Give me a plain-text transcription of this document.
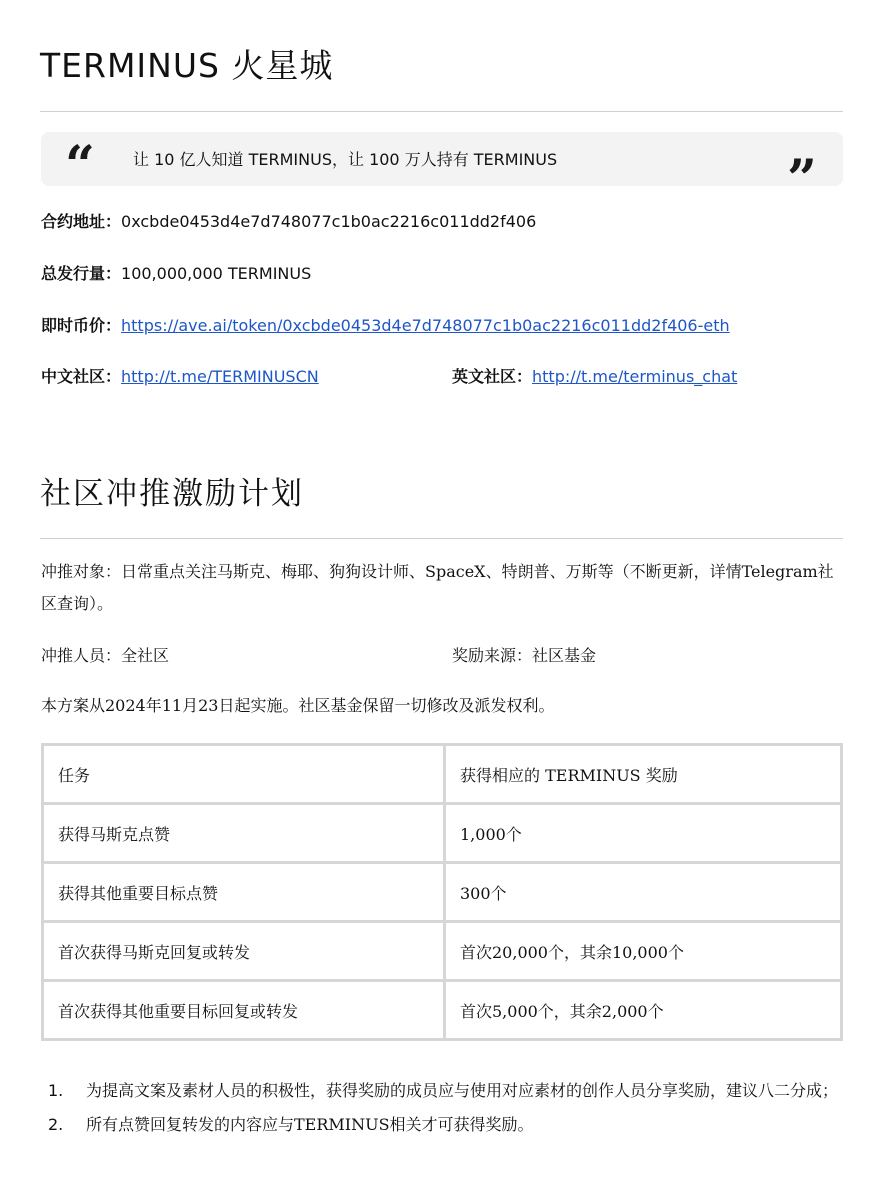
TERMINUS 火星城
“ 让 10 亿人知道 TERMINUS，让 100 万人持有 TERMINUS	”
合约地址：0xcbde0453d4e7d748077c1b0ac2216c011dd2f406
总发行量：100,000,000 TERMINUS
即时币价：https://ave.ai/token/0xcbde0453d4e7d748077c1b0ac2216c011dd2f406-eth
中文社区：http://t.me/TERMINUSCN	英文社区：http://t.me/terminus_chat
社区冲推激励计划
冲推对象：日常重点关注马斯克、梅耶、狗狗设计师、SpaceX、特朗普、万斯等（不断更新，详情Telegram社区查询）。
冲推人员：全社区	奖励来源：社区基金
本方案从2024年11月23日起实施。社区基金保留一切修改及派发权利。
任务	获得相应的 TERMINUS 奖励
获得马斯克点赞	1,000个
获得其他重要目标点赞	300个
首次获得马斯克回复或转发	首次20,000个，其余10,000个
首次获得其他重要目标回复或转发	首次5,000个，其余2,000个
1. 为提高文案及素材人员的积极性，获得奖励的成员应与使用对应素材的创作人员分享奖励，建议八二分成；
2. 所有点赞回复转发的内容应与TERMINUS相关才可获得奖励。
